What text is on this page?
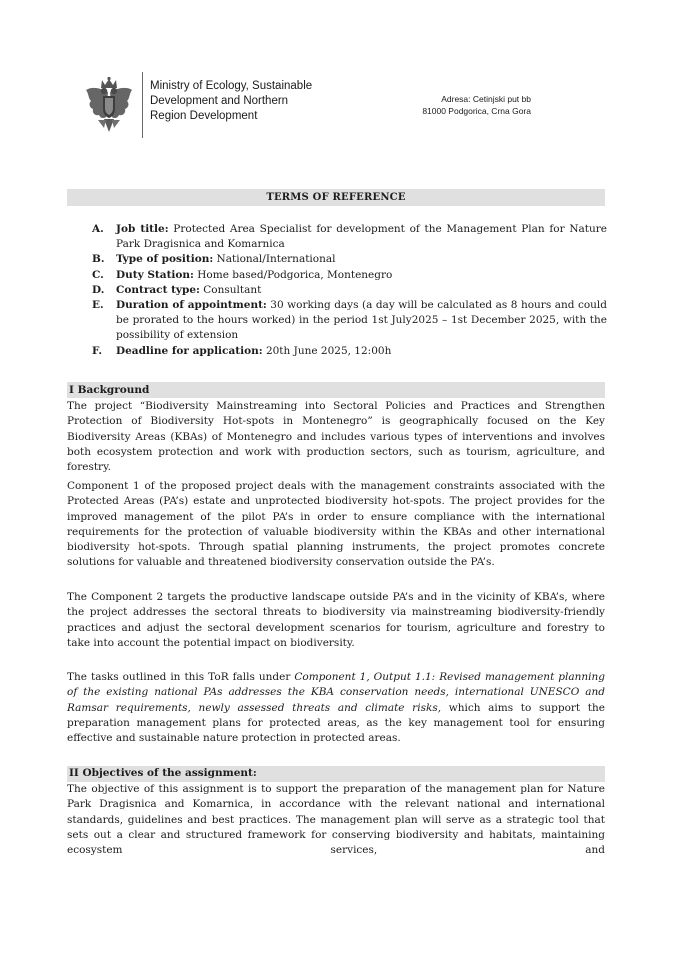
Ministry of Ecology, Sustainable
Development and Northern
Region Development
Adresa: Cetinjski put bb
81000 Podgorica, Crna Gora
TERMS OF REFERENCE
A.	Job title: Protected Area Specialist for development of the Management Plan for Nature Park Dragisnica and Komarnica
B.	Type of position: National/International
C.	Duty Station: Home based/Podgorica, Montenegro
D.	Contract type: Consultant
E.	Duration of appointment: 30 working days (a day will be calculated as 8 hours and could be prorated to the hours worked) in the period 1st July2025 – 1st December 2025, with the possibility of extension
F.	Deadline for application: 20th June 2025, 12:00h
I Background
The project “Biodiversity Mainstreaming into Sectoral Policies and Practices and Strengthen Protection of Biodiversity Hot-spots in Montenegro” is geographically focused on the Key Biodiversity Areas (KBAs) of Montenegro and includes various types of interventions and involves both ecosystem protection and work with production sectors, such as tourism, agriculture, and forestry.
Component 1 of the proposed project deals with the management constraints associated with the Protected Areas (PA’s) estate and unprotected biodiversity hot-spots. The project provides for the improved management of the pilot PA’s in order to ensure compliance with the international requirements for the protection of valuable biodiversity within the KBAs and other international biodiversity hot-spots. Through spatial planning instruments, the project promotes concrete solutions for valuable and threatened biodiversity conservation outside the PA’s.
The Component 2 targets the productive landscape outside PA’s and in the vicinity of KBA’s, where the project addresses the sectoral threats to biodiversity via mainstreaming biodiversity-friendly practices and adjust the sectoral development scenarios for tourism, agriculture and forestry to take into account the potential impact on biodiversity.
The tasks outlined in this ToR falls under Component 1, Output 1.1: Revised management planning of the existing national PAs addresses the KBA conservation needs, international UNESCO and Ramsar requirements, newly assessed threats and climate risks, which aims to support the preparation management plans for protected areas, as the key management tool for ensuring effective and sustainable nature protection in protected areas.
II Objectives of the assignment:
The objective of this assignment is to support the preparation of the management plan for Nature Park Dragisnica and Komarnica, in accordance with the relevant national and international standards, guidelines and best practices. The management plan will serve as a strategic tool that sets out a clear and structured framework for conserving biodiversity and habitats, maintaining ecosystem services, and
